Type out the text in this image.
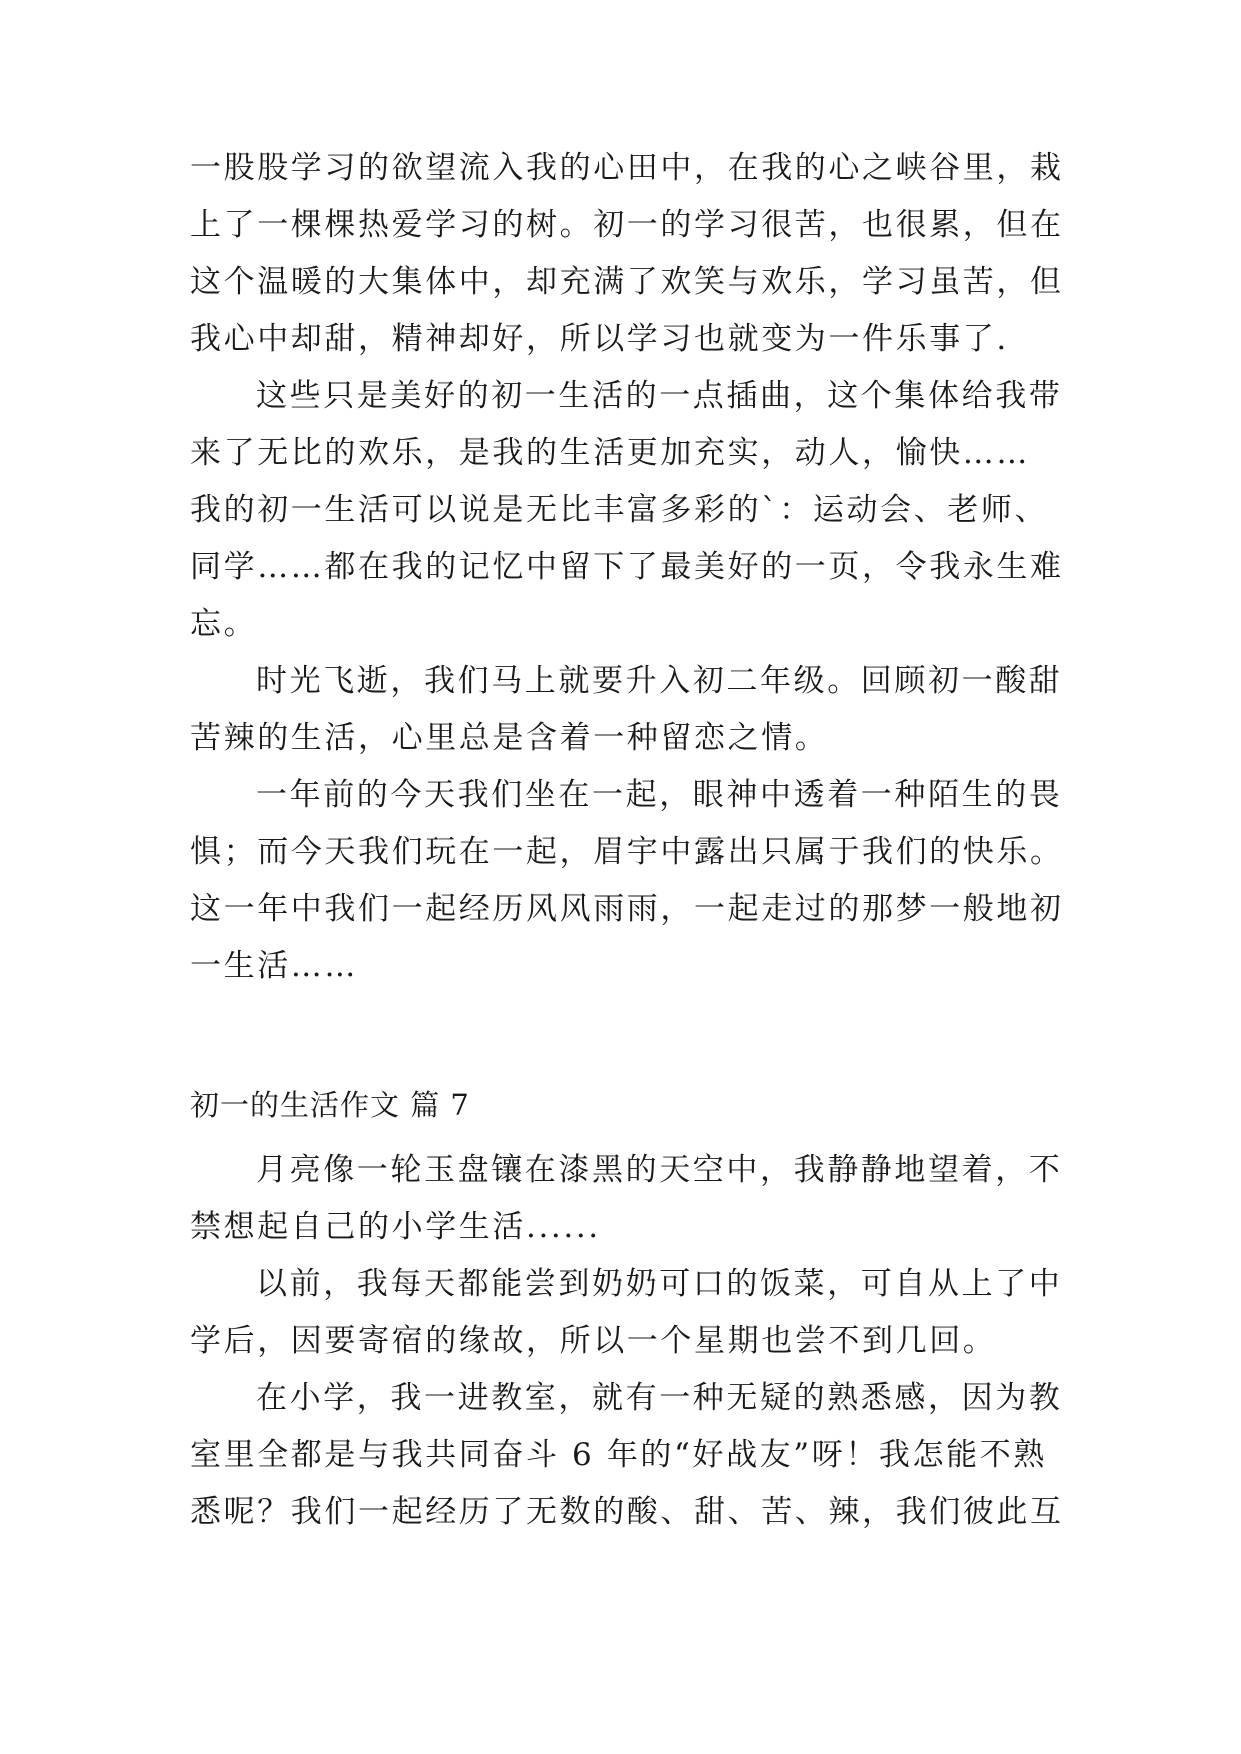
一股股学习的欲望流入我的心田中，在我的心之峡谷里，栽
上了一棵棵热爱学习的树。初一的学习很苦，也很累，但在
这个温暖的大集体中，却充满了欢笑与欢乐，学习虽苦，但
我心中却甜，精神却好，所以学习也就变为一件乐事了.
这些只是美好的初一生活的一点插曲，这个集体给我带
来了无比的欢乐，是我的生活更加充实，动人，愉快……
我的初一生活可以说是无比丰富多彩的`：运动会、老师、
同学……都在我的记忆中留下了最美好的一页，令我永生难
忘。
时光飞逝，我们马上就要升入初二年级。回顾初一酸甜
苦辣的生活，心里总是含着一种留恋之情。
一年前的今天我们坐在一起，眼神中透着一种陌生的畏
惧；而今天我们玩在一起，眉宇中露出只属于我们的快乐。
这一年中我们一起经历风风雨雨，一起走过的那梦一般地初
一生活……
初一的生活作文 篇 7
月亮像一轮玉盘镶在漆黑的天空中，我静静地望着，不
禁想起自己的小学生活......
以前，我每天都能尝到奶奶可口的饭菜，可自从上了中
学后，因要寄宿的缘故，所以一个星期也尝不到几回。
在小学，我一进教室，就有一种无疑的熟悉感，因为教
室里全都是与我共同奋斗 6 年的“好战友”呀！我怎能不熟
悉呢？我们一起经历了无数的酸、甜、苦、辣，我们彼此互
